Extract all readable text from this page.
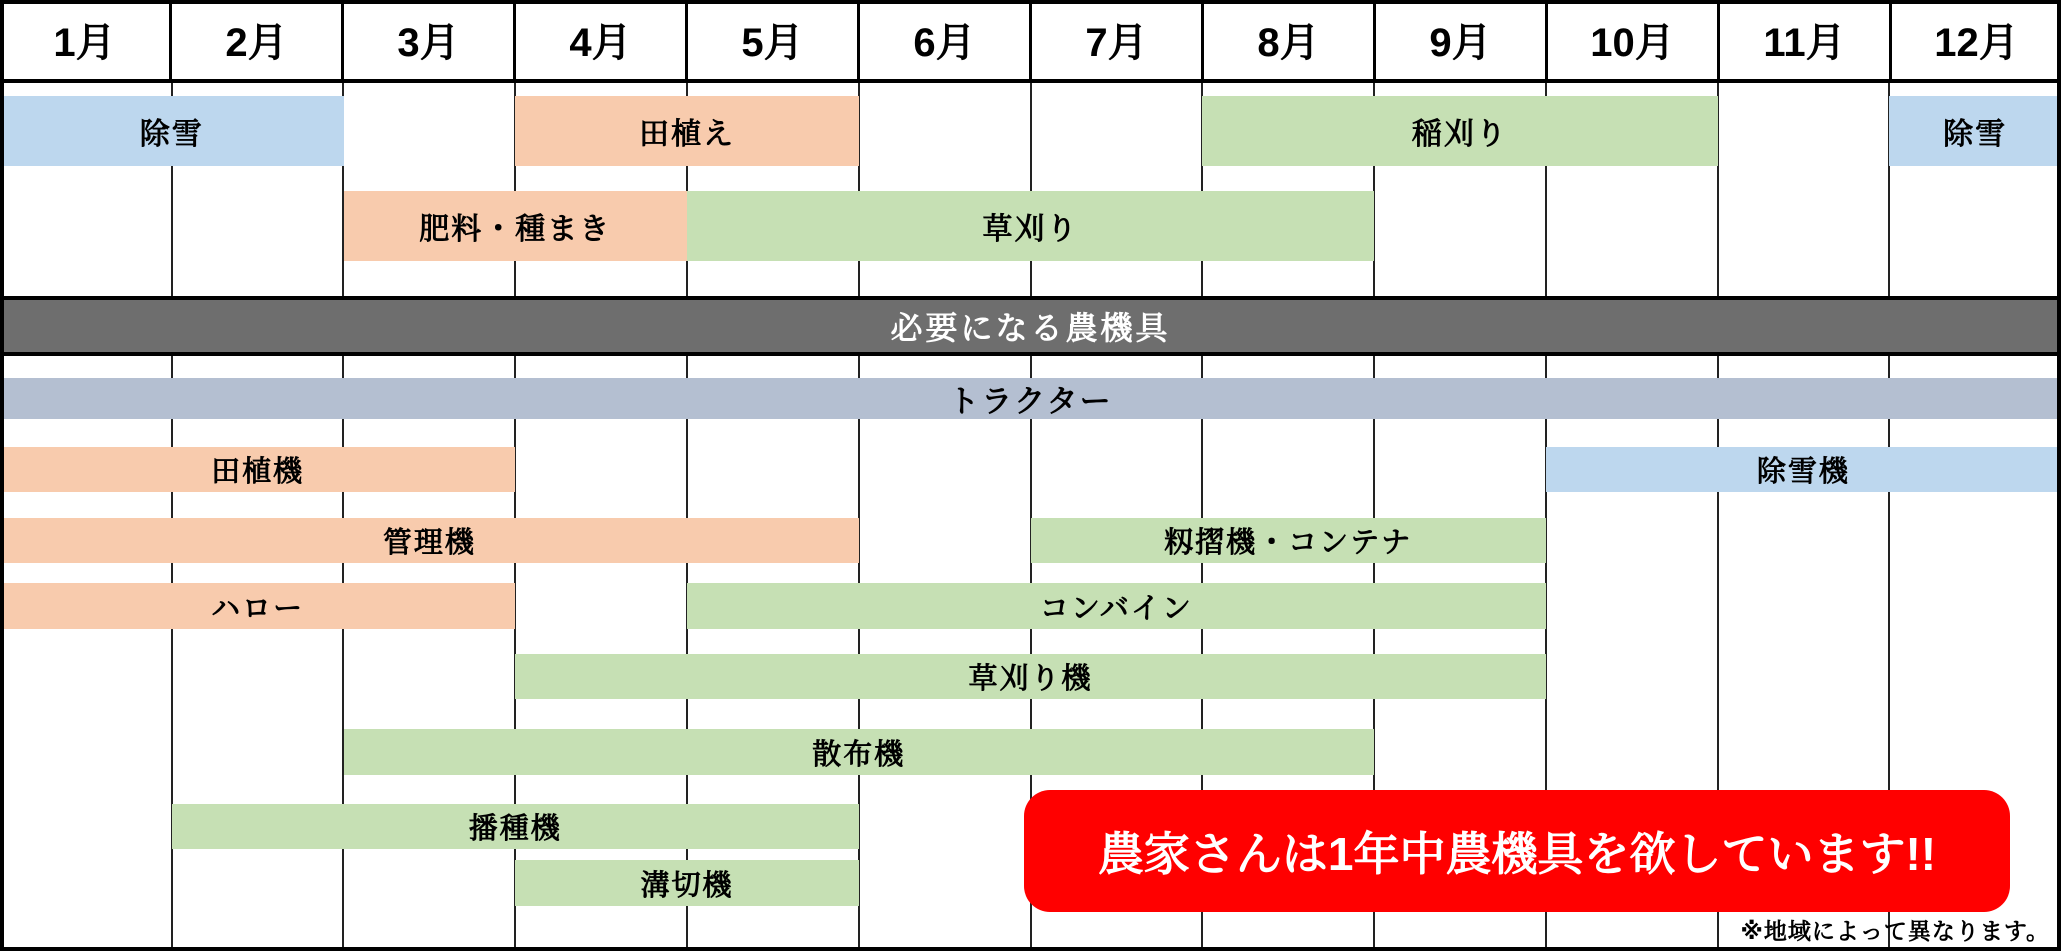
1月	2月	3月	4月	5月	6月	7月	8月	9月	10月	11月	12月
除雪	田植え	稲刈り	除雪
肥料・種まき	草刈り
トラクター
田植機	除雪機
管理機	籾摺機・コンテナ
ハロー	コンバイン
草刈り機
散布機
播種機
溝切機
必要になる農機具
農家さんは1年中農機具を欲しています!!
※地域によって異なります。
